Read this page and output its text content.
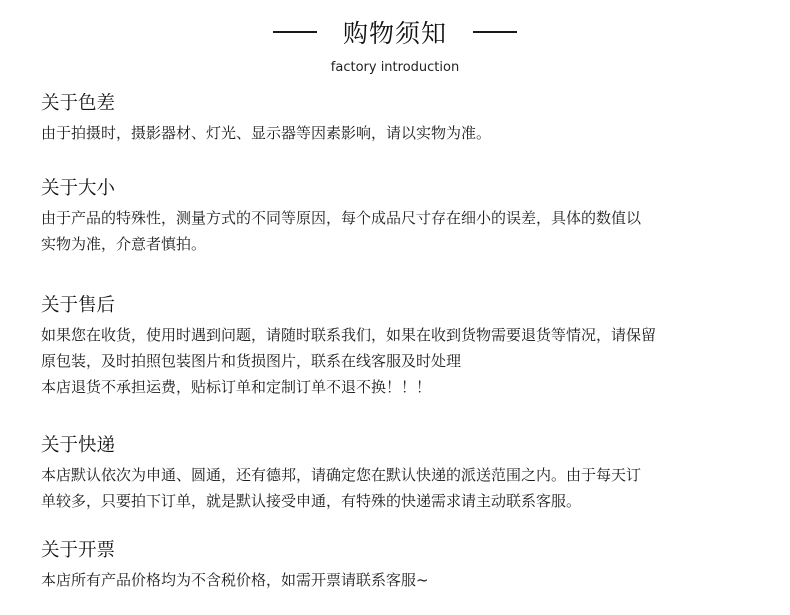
购物须知
factory introduction
关于色差
由于拍摄时，摄影器材、灯光、显示器等因素影响，请以实物为准。
关于大小
由于产品的特殊性，测量方式的不同等原因，每个成品尺寸存在细小的误差，具体的数值以
实物为准，介意者慎拍。
关于售后
如果您在收货，使用时遇到问题，请随时联系我们，如果在收到货物需要退货等情况，请保留
原包装，及时拍照包装图片和货损图片，联系在线客服及时处理
本店退货不承担运费，贴标订单和定制订单不退不换！！！
关于快递
本店默认依次为申通、圆通，还有德邦，请确定您在默认快递的派送范围之内。由于每天订
单较多，只要拍下订单，就是默认接受申通，有特殊的快递需求请主动联系客服。
关于开票
本店所有产品价格均为不含税价格，如需开票请联系客服~
